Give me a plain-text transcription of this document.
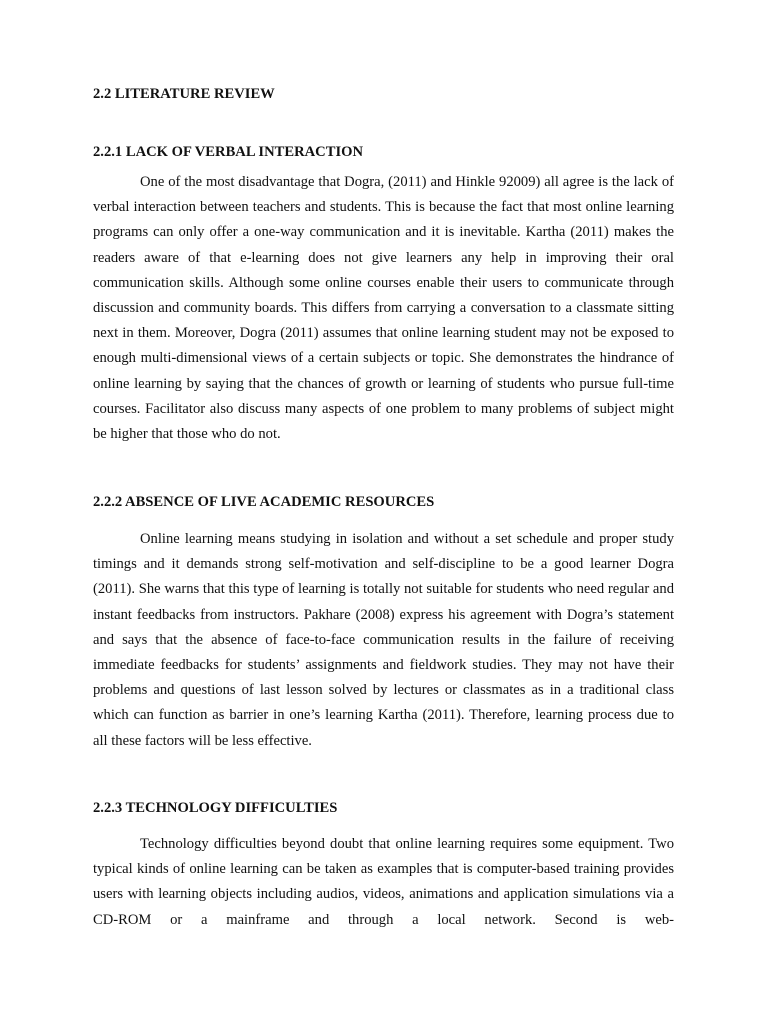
2.2 LITERATURE REVIEW
2.2.1 LACK OF VERBAL INTERACTION

One of the most disadvantage that Dogra, (2011) and Hinkle 92009) all agree is the lack of verbal interaction between teachers and students. This is because the fact that most online learning programs can only offer a one-way communication and it is inevitable. Kartha (2011) makes the readers aware of that e-learning does not give learners any help in improving their oral communication skills. Although some online courses enable their users to communicate through discussion and community boards. This differs from carrying a conversation to a classmate sitting next in them. Moreover, Dogra (2011) assumes that online learning student may not be exposed to enough multi-dimensional views of a certain subjects or topic. She demonstrates the hindrance of online learning by saying that the chances of growth or learning of students who pursue full-time courses. Facilitator also discuss many aspects of one problem to many problems of subject might be higher that those who do not.

2.2.2 ABSENCE OF LIVE ACADEMIC RESOURCES

Online learning means studying in isolation and without a set schedule and proper study timings and it demands strong self-motivation and self-discipline to be a good learner Dogra (2011). She warns that this type of learning is totally not suitable for students who need regular and instant feedbacks from instructors. Pakhare (2008) express his agreement with Dogra’s statement and says that the absence of face-to-face communication results in the failure of receiving immediate feedbacks for students’ assignments and fieldwork studies. They may not have their problems and questions of last lesson solved by lectures or classmates as in a traditional class which can function as barrier in one’s learning Kartha (2011). Therefore, learning process due to all these factors will be less effective.

2.2.3 TECHNOLOGY DIFFICULTIES

Technology difficulties beyond doubt that online learning requires some equipment. Two typical kinds of online learning can be taken as examples that is computer-based training provides users with learning objects including audios, videos, animations and application simulations via a CD-ROM or a mainframe and through a local network. Second is web-
